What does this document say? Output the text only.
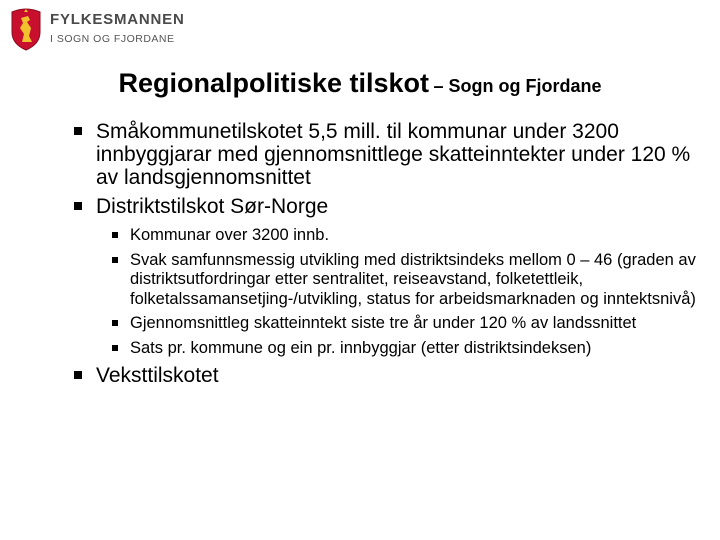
FYLKESMANNEN
I SOGN OG FJORDANE
Regionalpolitiske tilskot – Sogn og Fjordane
Småkommunetilskotet 5,5 mill. til kommunar under 3200 innbyggjarar med gjennomsnittlege skatteinntekter under 120 % av landsgjennomsnittet
Distriktstilskot Sør-Norge
Kommunar over 3200 innb.
Svak samfunnsmessig utvikling med distriktsindeks mellom 0 – 46 (graden av distriktsutfordringar etter sentralitet, reiseavstand, folketettleik, folketalssamansetjing-/utvikling, status for arbeidsmarknaden og inntektsnivå)
Gjennomsnittleg skatteinntekt siste tre år under 120 % av landssnittet
Sats pr. kommune og ein pr. innbyggjar (etter distriktsindeksen)
Veksttilskotet
